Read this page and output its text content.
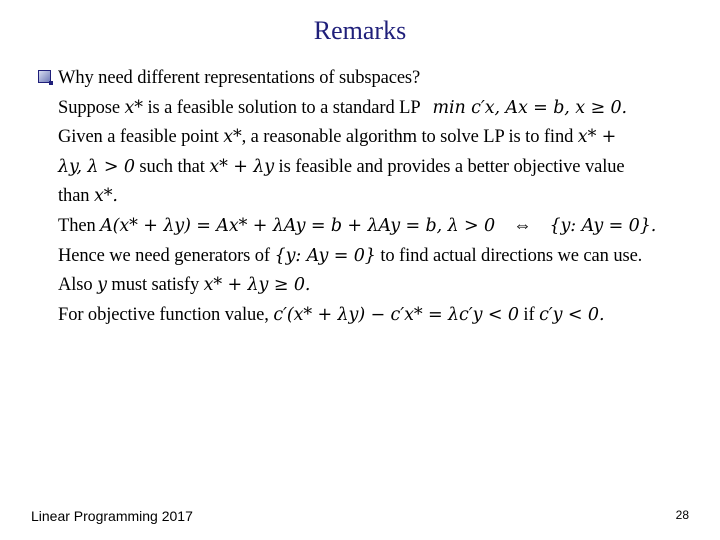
Remarks
Why need different representations of subspaces?
Suppose x* is a feasible solution to a standard LP min c′x, Ax = b, x ≥ 0.
Given a feasible point x*, a reasonable algorithm to solve LP is to find x* +
λy, λ > 0 such that x* + λy is feasible and provides a better objective value
than x*.
Then A(x* + λy) = Ax* + λAy = b + λAy = b, λ > 0 ⇔ {y: Ay = 0}.
Hence we need generators of {y: Ay = 0} to find actual directions we can use.
Also y must satisfy x* + λy ≥ 0.
For objective function value, c′(x* + λy) − c′x* = λc′y < 0 if c′y < 0.
Linear Programming 2017	28
